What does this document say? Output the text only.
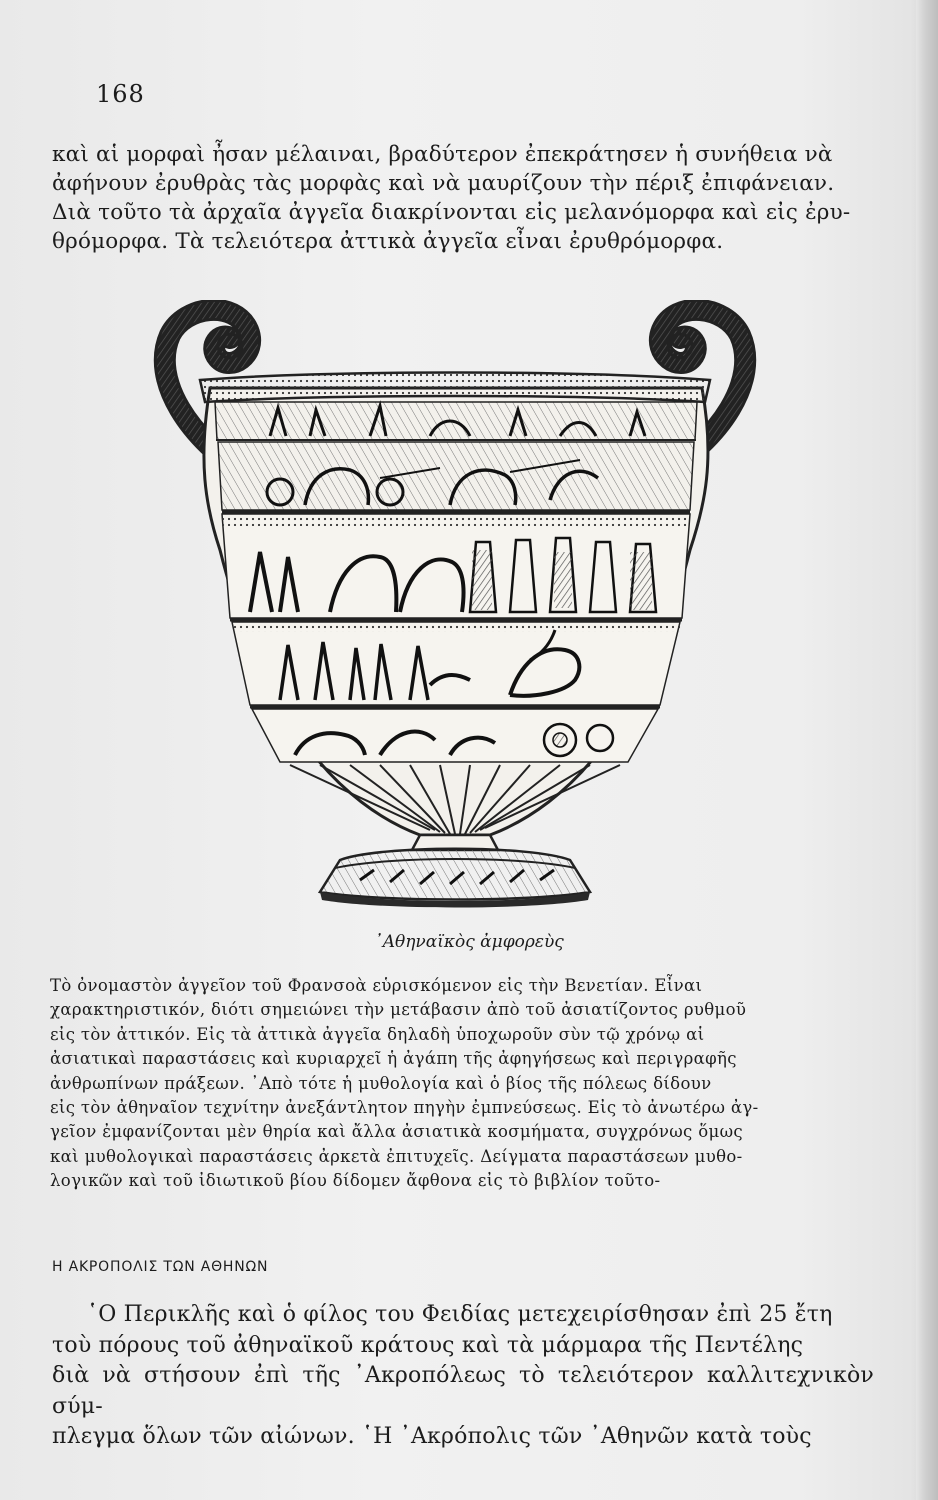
168
καὶ αἱ μορφαὶ ἦσαν μέλαιναι, βραδύτερον ἐπεκράτησεν ἡ συνήθεια νὰ
ἀφήνουν ἐρυθρὰς τὰς μορφὰς καὶ νὰ μαυρίζουν τὴν πέριξ ἐπιφάνειαν.
Διὰ τοῦτο τὰ ἀρχαῖα ἀγγεῖα διακρίνονται εἰς μελανόμορφα καὶ εἰς ἐρυ-
θρόμορφα. Τὰ τελειότερα ἀττικὰ ἀγγεῖα εἶναι ἐρυθρόμορφα.
᾿Αθηναϊκὸς ἀμφορεὺς
Τὸ ὀνομαστὸν ἀγγεῖον τοῦ Φρανσοὰ εὑρισκόμενον εἰς τὴν Βενετίαν. Εἶναι
χαρακτηριστικόν, διότι σημειώνει τὴν μετάβασιν ἀπὸ τοῦ ἀσιατίζοντος ρυθμοῦ
εἰς τὸν ἀττικόν. Εἰς τὰ ἀττικὰ ἀγγεῖα δηλαδὴ ὑποχωροῦν σὺν τῷ χρόνῳ αἱ
ἀσιατικαὶ παραστάσεις καὶ κυριαρχεῖ ἡ ἀγάπη τῆς ἀφηγήσεως καὶ περιγραφῆς
ἀνθρωπίνων πράξεων. ᾿Απὸ τότε ἡ μυθολογία καὶ ὁ βίος τῆς πόλεως δίδουν
εἰς τὸν ἀθηναῖον τεχνίτην ἀνεξάντλητον πηγὴν ἐμπνεύσεως. Εἰς τὸ ἀνωτέρω ἀγ-
γεῖον ἐμφανίζονται μὲν θηρία καὶ ἄλλα ἀσιατικὰ κοσμήματα, συγχρόνως ὅμως
καὶ μυθολογικαὶ παραστάσεις ἀρκετὰ ἐπιτυχεῖς. Δείγματα παραστάσεων μυθο-
λογικῶν καὶ τοῦ ἰδιωτικοῦ βίου δίδομεν ἄφθονα εἰς τὸ βιβλίον τοῦτο-
Η ΑΚΡΟΠΟΛΙΣ ΤΩΝ ΑΘΗΝΩΝ
῾Ο Περικλῆς καὶ ὁ φίλος του Φειδίας μετεχειρίσθησαν ἐπὶ 25 ἔτη
τοὺ πόρους τοῦ ἀθηναϊκοῦ κράτους καὶ τὰ μάρμαρα τῆς Πεντέλης
διὰ νὰ στήσουν ἐπὶ τῆς ᾿Ακροπόλεως τὸ τελειότερον καλλιτεχνικὸν σύμ-
πλεγμα ὅλων τῶν αἰώνων. ῾Η ᾿Ακρόπολις τῶν ᾿Αθηνῶν κατὰ τοὺς
